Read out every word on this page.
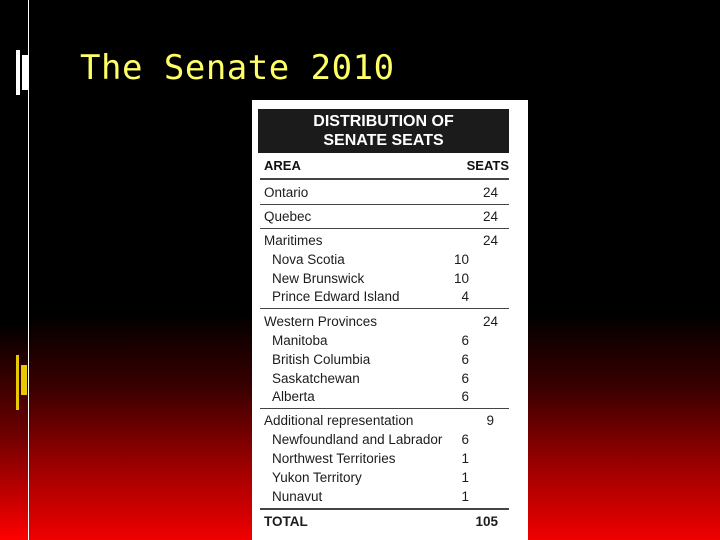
The Senate 2010
DISTRIBUTION OF
SENATE SEATS
AREA	SEATS
Ontario	24
Quebec	24
Maritimes	24
Nova Scotia	10
New Brunswick	10
Prince Edward Island	4
Western Provinces	24
Manitoba	6
British Columbia	6
Saskatchewan	6
Alberta	6
Additional representation	9
Newfoundland and Labrador 6
Northwest Territories	1
Yukon Territory	1
Nunavut	1
TOTAL	105
